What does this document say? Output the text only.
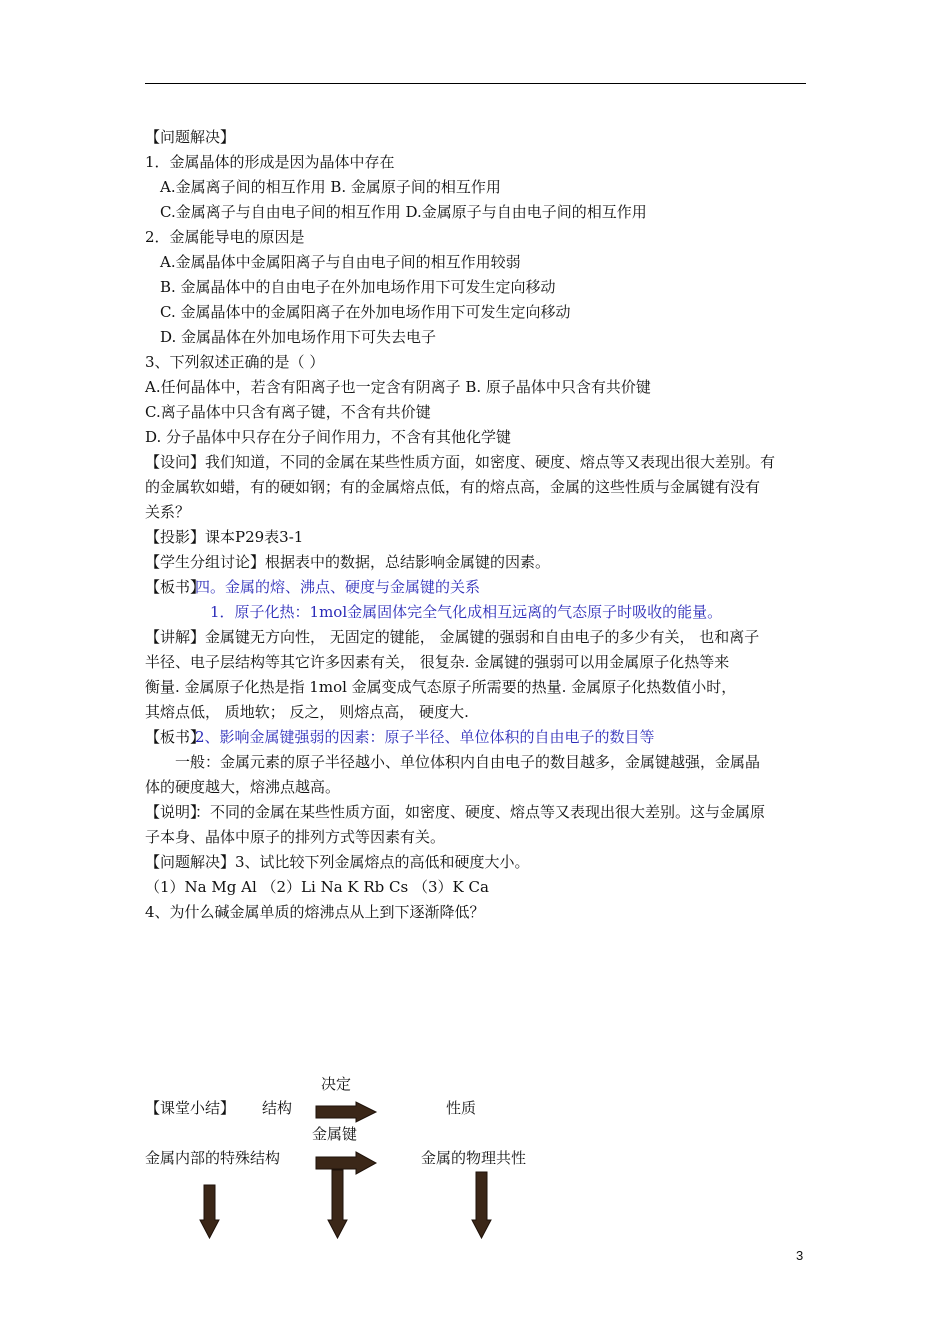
【问题解决】
1．金属晶体的形成是因为晶体中存在
A.金属离子间的相互作用 B. 金属原子间的相互作用
C.金属离子与自由电子间的相互作用 D.金属原子与自由电子间的相互作用
2．金属能导电的原因是
A.金属晶体中金属阳离子与自由电子间的相互作用较弱
B. 金属晶体中的自由电子在外加电场作用下可发生定向移动
C. 金属晶体中的金属阳离子在外加电场作用下可发生定向移动
D. 金属晶体在外加电场作用下可失去电子
3、下列叙述正确的是（ ）
A.任何晶体中，若含有阳离子也一定含有阴离子 B. 原子晶体中只含有共价键
C.离子晶体中只含有离子键，不含有共价键
D. 分子晶体中只存在分子间作用力，不含有其他化学键
【设问】我们知道，不同的金属在某些性质方面，如密度、硬度、熔点等又表现出很大差别。有
的金属软如蜡，有的硬如钢；有的金属熔点低，有的熔点高，金属的这些性质与金属键有没有
关系？
【投影】课本P29表3-1
【学生分组讨论】根据表中的数据，总结影响金属键的因素。
【板书】
四。金属的熔、沸点、硬度与金属键的关系
1．原子化热：1mol金属固体完全气化成相互远离的气态原子时吸收的能量。
【讲解】金属键无方向性， 无固定的键能， 金属键的强弱和自由电子的多少有关， 也和离子
半径、电子层结构等其它许多因素有关， 很复杂. 金属键的强弱可以用金属原子化热等来
衡量. 金属原子化热是指 1mol 金属变成气态原子所需要的热量. 金属原子化热数值小时，
其熔点低， 质地软； 反之， 则熔点高， 硬度大.
【板书】
2、影响金属键强弱的因素：原子半径、单位体积的自由电子的数目等
一般：金属元素的原子半径越小、单位体积内自由电子的数目越多，金属键越强，金属晶
体的硬度越大，熔沸点越高。
【说明】
：不同的金属在某些性质方面，如密度、硬度、熔点等又表现出很大差别。这与金属原
子本身、晶体中原子的排列方式等因素有关。
【问题解决】3、试比较下列金属熔点的高低和硬度大小。
（1）Na Mg Al （2）Li Na K Rb Cs （3）K Ca
4、为什么碱金属单质的熔沸点从上到下逐渐降低？
决定
【课堂小结】 结构	性质
金属键
金属内部的特殊结构	金属的物理共性
3
